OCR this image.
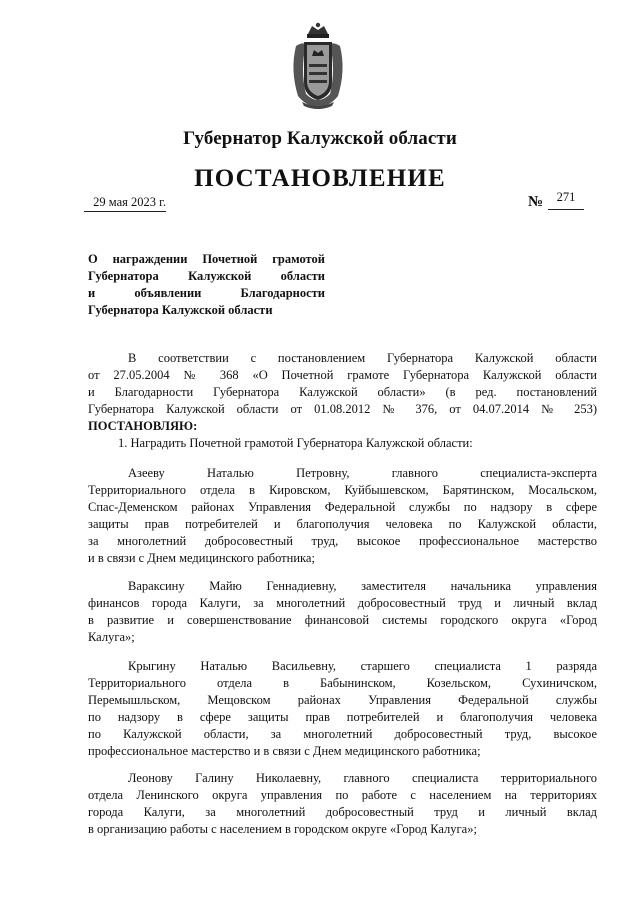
Губернатор Калужской области
ПОСТАНОВЛЕНИЕ
29 мая 2023 г.	№	271
О награждении Почетной грамотой
Губернатора Калужской области
и объявлении Благодарности
Губернатора Калужской области
В соответствии с постановлением Губернатора Калужской области
от 27.05.2004 № 368 «О Почетной грамоте Губернатора Калужской области
и Благодарности Губернатора Калужской области» (в ред. постановлений
Губернатора Калужской области от 01.08.2012 № 376, от 04.07.2014 № 253)
ПОСТАНОВЛЯЮ:
1. Наградить Почетной грамотой Губернатора Калужской области:
Азееву Наталью Петровну, главного специалиста-эксперта
Территориального отдела в Кировском, Куйбышевском, Барятинском, Мосальском,
Спас-Деменском районах Управления Федеральной службы по надзору в сфере
защиты прав потребителей и благополучия человека по Калужской области,
за многолетний добросовестный труд, высокое профессиональное мастерство
и в связи с Днем медицинского работника;
Вараксину Майю Геннадиевну, заместителя начальника управления
финансов города Калуги, за многолетний добросовестный труд и личный вклад
в развитие и совершенствование финансовой системы городского округа «Город
Калуга»;
Крыгину Наталью Васильевну, старшего специалиста 1 разряда
Территориального отдела в Бабынинском, Козельском, Сухиничском,
Перемышльском, Мещовском районах Управления Федеральной службы
по надзору в сфере защиты прав потребителей и благополучия человека
по Калужской области, за многолетний добросовестный труд, высокое
профессиональное мастерство и в связи с Днем медицинского работника;
Леонову Галину Николаевну, главного специалиста территориального
отдела Ленинского округа управления по работе с населением на территориях
города Калуги, за многолетний добросовестный труд и личный вклад
в организацию работы с населением в городском округе «Город Калуга»;
